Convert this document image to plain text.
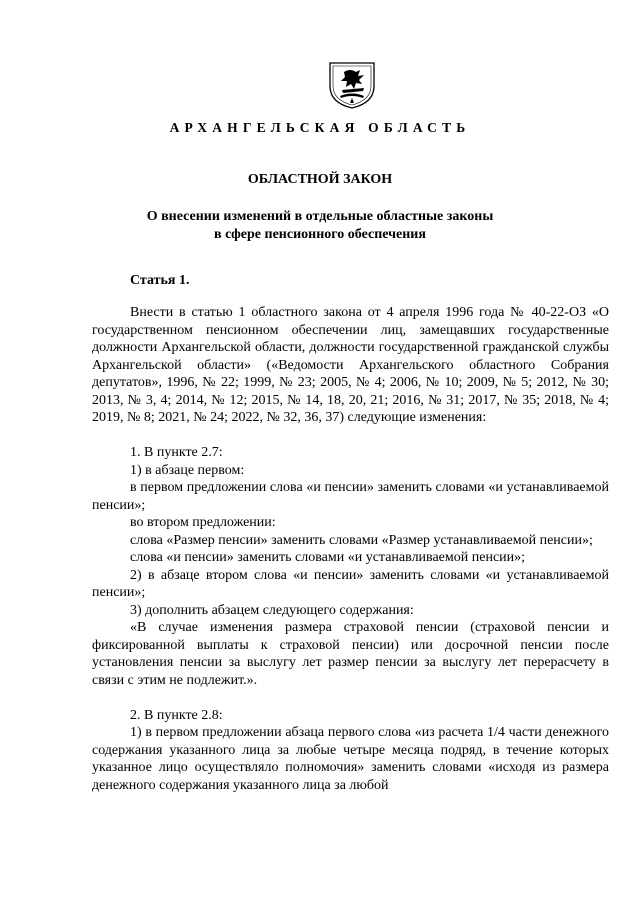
АРХАНГЕЛЬСКАЯ ОБЛАСТЬ
ОБЛАСТНОЙ ЗАКОН
О внесении изменений в отдельные областные законы
в сфере пенсионного обеспечения
Статья 1.

Внести в статью 1 областного закона от 4 апреля 1996 года № 40-22-ОЗ «О государственном пенсионном обеспечении лиц, замещавших государственные должности Архангельской области, должности государственной гражданской службы Архангельской области» («Ведомости Архангельского областного Собрания депутатов», 1996, № 22; 1999, № 23; 2005, № 4; 2006, № 10; 2009, № 5; 2012, № 30; 2013, № 3, 4; 2014, № 12; 2015, № 14, 18, 20, 21; 2016, № 31; 2017, № 35; 2018, № 4; 2019, № 8; 2021, № 24; 2022, № 32, 36, 37) следующие изменения:

1. В пункте 2.7:

1) в абзаце первом:

в первом предложении слова «и пенсии» заменить словами «и устанавливаемой пенсии»;

во втором предложении:

слова «Размер пенсии» заменить словами «Размер устанавливаемой пенсии»;

слова «и пенсии» заменить словами «и устанавливаемой пенсии»;

2) в абзаце втором слова «и пенсии» заменить словами «и устанавливаемой пенсии»;

3) дополнить абзацем следующего содержания:

«В случае изменения размера страховой пенсии (страховой пенсии и фиксированной выплаты к страховой пенсии) или досрочной пенсии после установления пенсии за выслугу лет размер пенсии за выслугу лет перерасчету в связи с этим не подлежит.».

2. В пункте 2.8:

1) в первом предложении абзаца первого слова «из расчета 1/4 части денежного содержания указанного лица за любые четыре месяца подряд, в течение которых указанное лицо осуществляло полномочия» заменить словами «исходя из размера денежного содержания указанного лица за любой
